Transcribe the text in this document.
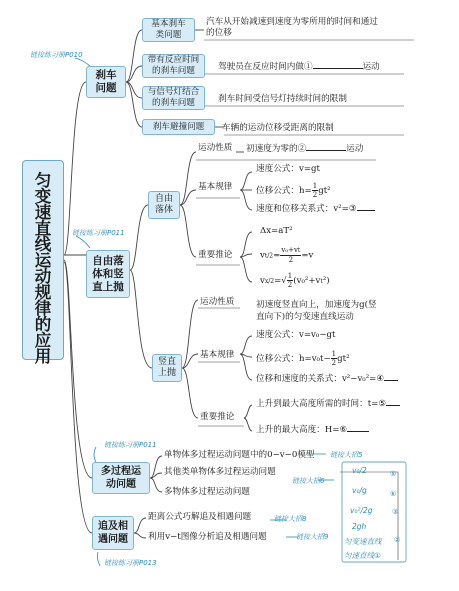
匀
变
速
直
线
运
动
规
律
的
应
用
刹车
问题
链接练习册P010
基本刹车
类问题
带有反应时间
的刹车问题
与信号灯结合
的刹车问题
刹车避撞问题
汽车从开始减速到速度为零所用的时间和通过
的位移
驾驶员在反应时间内做①	运动
刹车时间受信号灯持续时间的限制
车辆的运动位移受距离的限制
自由落
体和竖
直上抛
链接练习册P011
自由
落体
运动性质 初速度为零的②	运动
基本规律
速度公式：v=gt
位移公式：$h= \frac{1}{2} gt^2$
速度和位移关系式：v²=③
重要推论
Δx=aT²
$vt/2= \frac{\text{v₀+vt}}{2} =v$
$vx/2=√ \frac{1}{2} (v_0^2+vt^2)$
竖直
上抛
运动性质	初速度竖直向上，加速度为g(竖
直向下)的匀变速直线运动
基本规律
速度公式：v=v₀−gt
位移公式：$h=v_0t- \frac{1}{2} gt^2$
位移和速度的关系式：v²−v₀²=④
重要推论
上升到最大高度所需的时间：t=⑤
上升的最大高度：H=⑥
多过程运
动问题
链接练习册P011
单物体多过程运动问题中的0−v−0模型 链接大招5
其他类单物体多过程运动问题
链接大招6
多物体多过程运动问题
追及相
遇问题
链接练习册P013
距离公式巧解追及相遇问题	链接大招8
利用v−t图像分析追及相遇问题	链接大招9
v₀/2	⑤
v₀/g	⑥
v₀²/2g	③
2gh
匀变速直线 ②
匀速直线①
